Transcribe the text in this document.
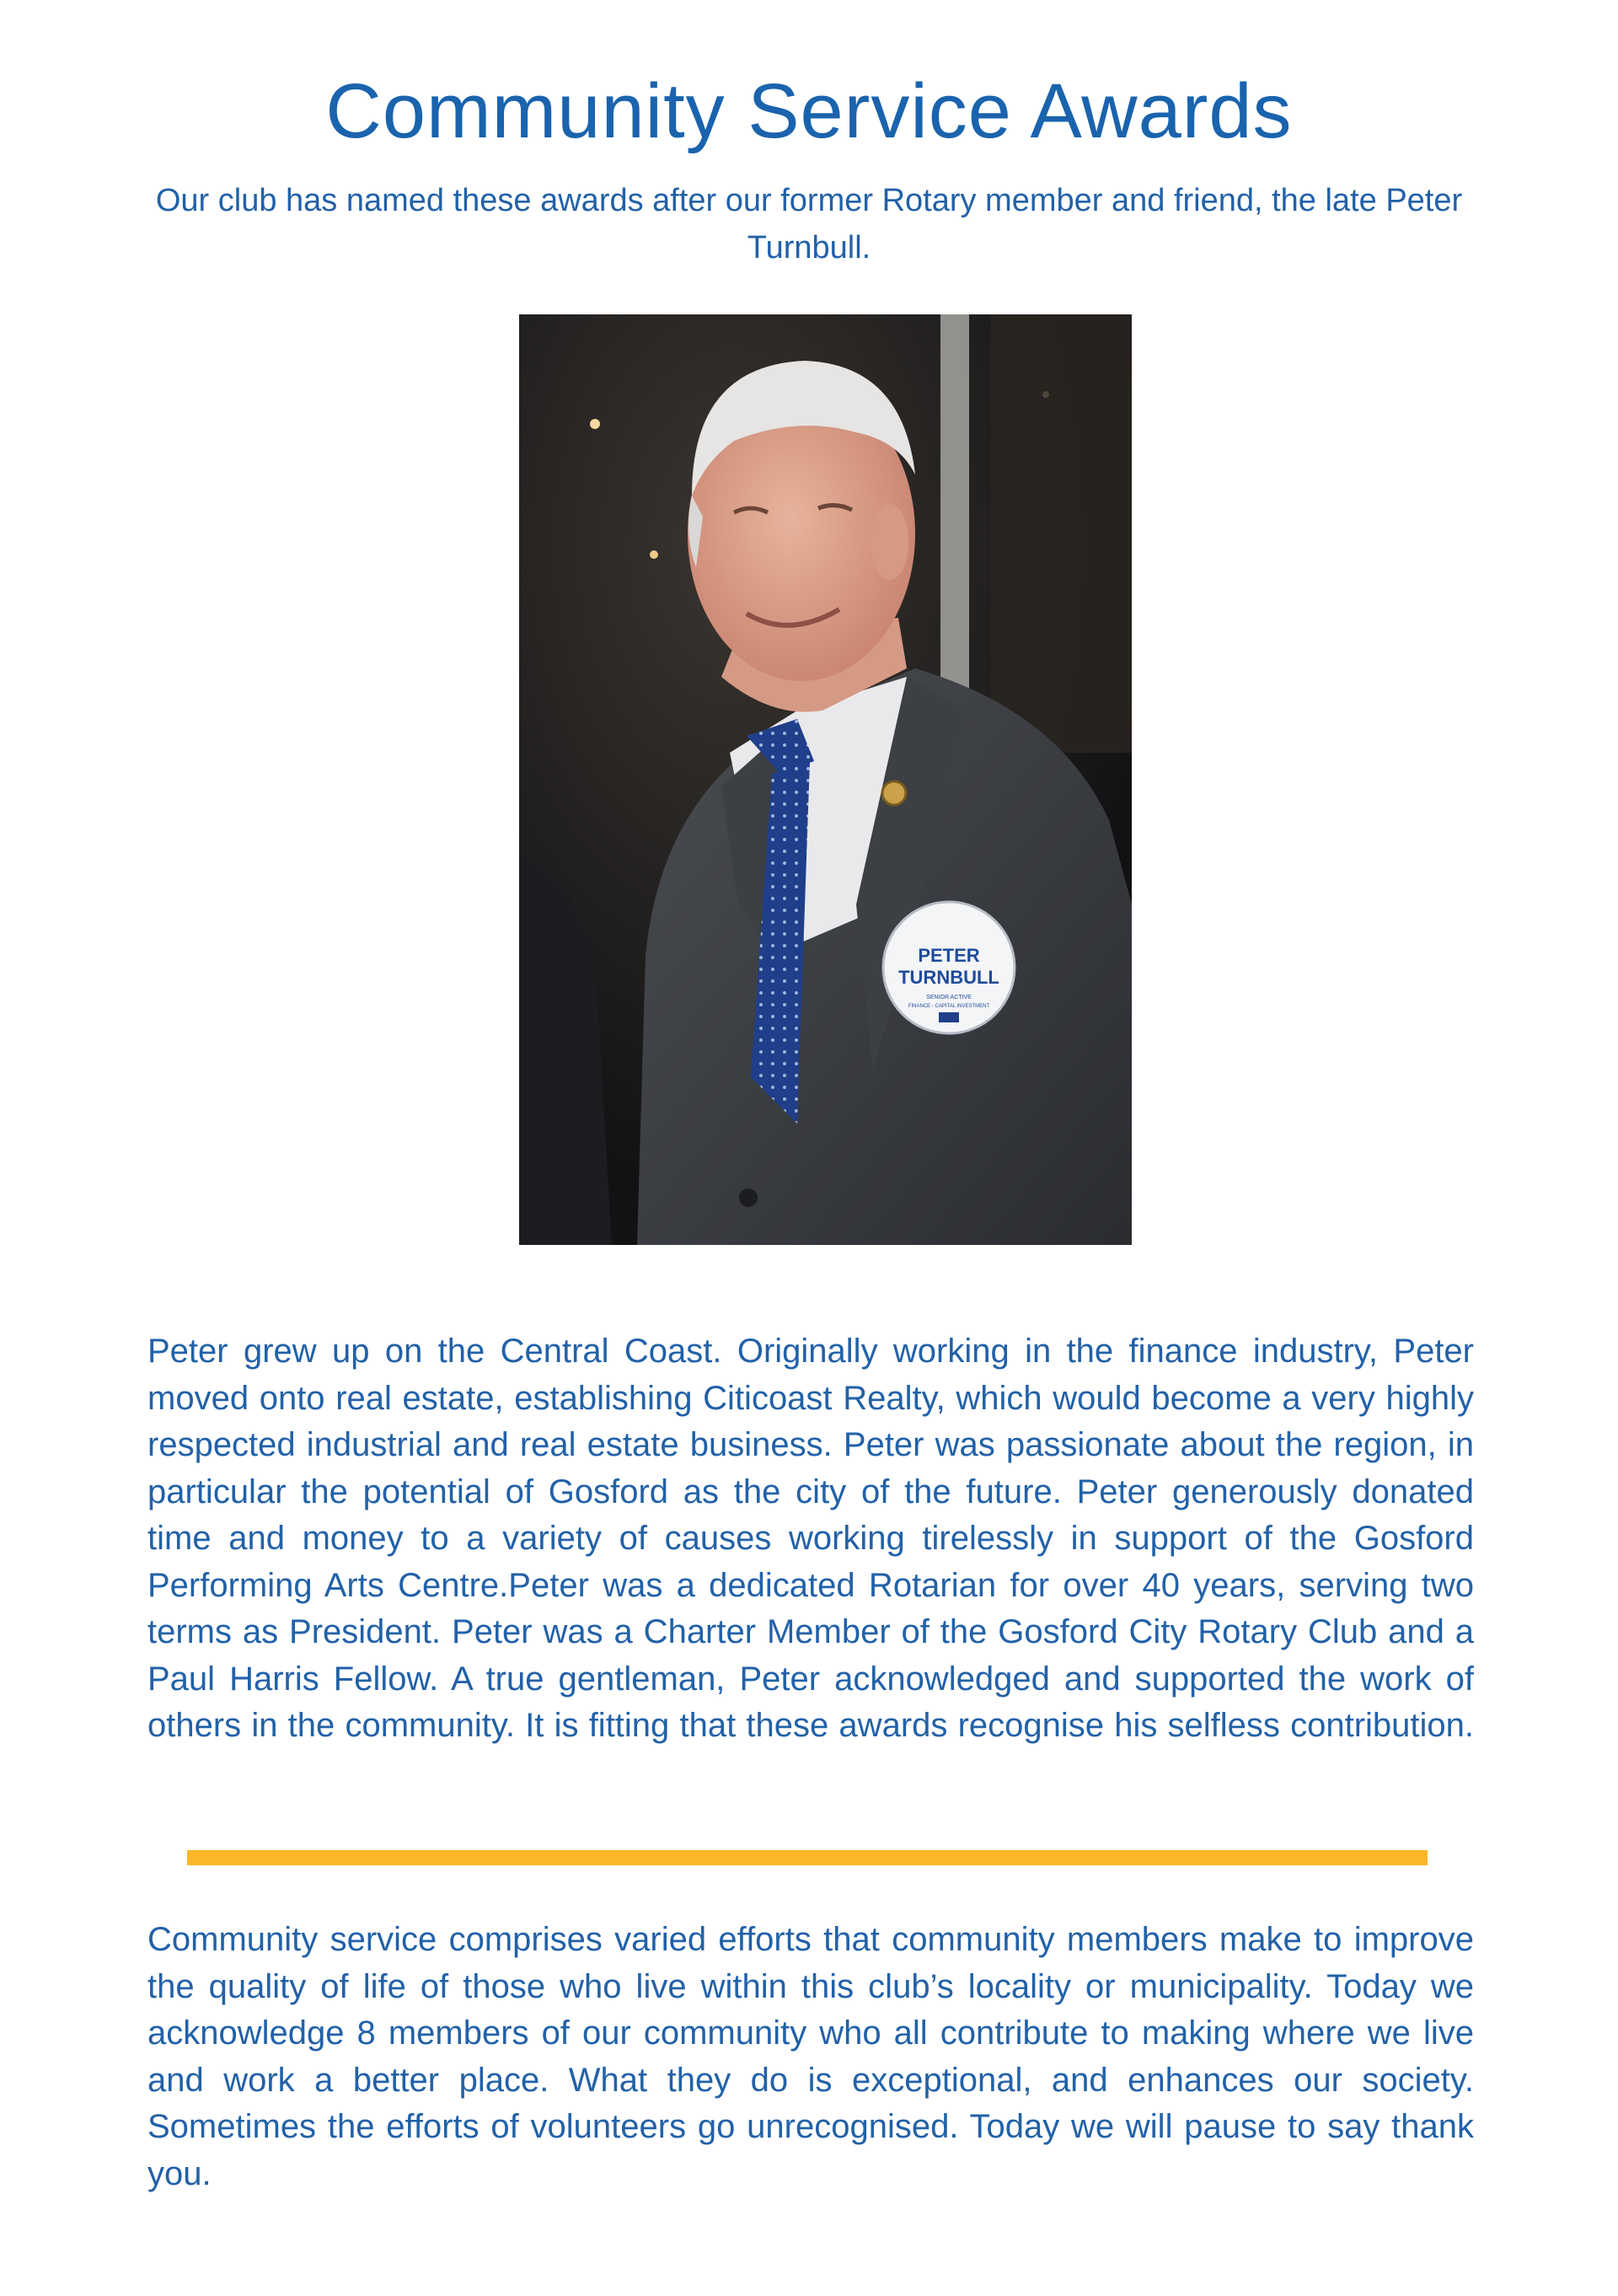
Community Service Awards

Our club has named these awards after our former Rotary member and friend, the late Peter Turnbull.

PETER
TURNBULL
SENIOR ACTIVE
FINANCE - CAPITAL INVESTMENT

Peter grew up on the Central Coast. Originally working in the finance industry, Peter moved onto real estate, establishing Citicoast Realty, which would become a very highly respected industrial and real estate business. Peter was passionate about the region, in particular the potential of Gosford as the city of the future. Peter generously donated time and money to a variety of causes working tirelessly in support of the Gosford Performing Arts Centre.Peter was a dedicated Rotarian for over 40 years, serving two terms as President. Peter was a Charter Member of the Gosford City Rotary Club and a Paul Harris Fellow. A true gentleman, Peter acknowledged and supported the work of others in the community. It is fitting that these awards recognise his selfless contribution.

Community service comprises varied efforts that community members make to improve the quality of life of those who live within this club’s locality or municipality. Today we acknowledge 8 members of our community who all contribute to making where we live and work a better place. What they do is exceptional, and enhances our society. Sometimes the efforts of volunteers go unrecognised. Today we will pause to say thank you.
